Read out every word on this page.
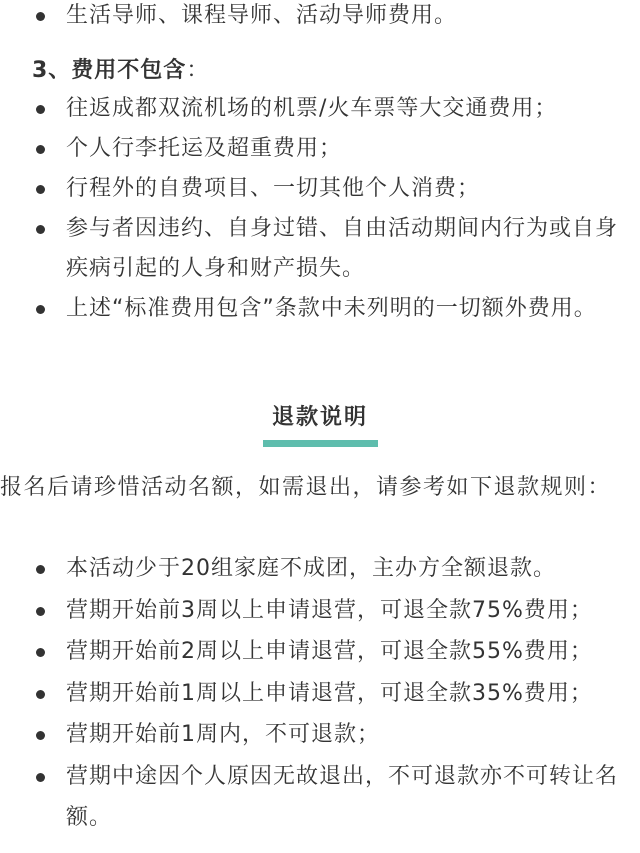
生活导师、课程导师、活动导师费用。
3、费用不包含：
往返成都双流机场的机票/火车票等大交通费用；
个人行李托运及超重费用；
行程外的自费项目、一切其他个人消费；
参与者因违约、自身过错、自由活动期间内行为或自身疾病引起的人身和财产损失。
上述“标准费用包含”条款中未列明的一切额外费用。
退款说明

报名后请珍惜活动名额，如需退出，请参考如下退款规则：

本活动少于20组家庭不成团，主办方全额退款。
营期开始前3周以上申请退营，可退全款75%费用；
营期开始前2周以上申请退营，可退全款55%费用；
营期开始前1周以上申请退营，可退全款35%费用；
营期开始前1周内，不可退款；
营期中途因个人原因无故退出，不可退款亦不可转让名额。
